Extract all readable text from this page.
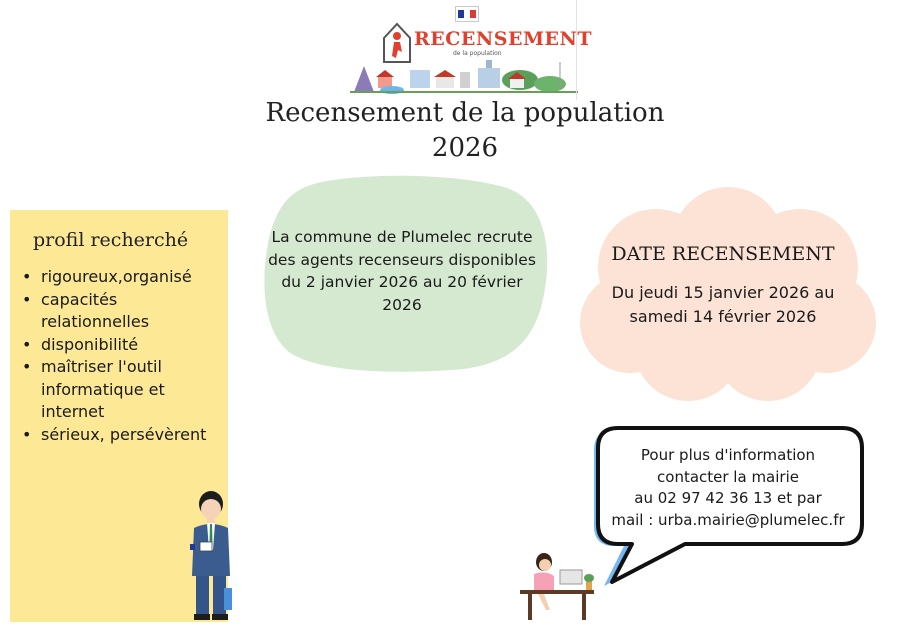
RECENSEMENT
de la population
Recensement de la population
2026
profil recherché
• rigoureux,organisé
• capacités relationnelles
• disponibilité
• maîtriser l'outil informatique et internet
• sérieux, persévèrent
La commune de Plumelec recrute des agents recenseurs disponibles du 2 janvier 2026 au 20 février 2026
DATE RECENSEMENT
Du jeudi 15 janvier 2026 au samedi 14 février 2026
Pour plus d'information
contacter la mairie
au 02 97 42 36 13 et par
mail : urba.mairie@plumelec.fr
